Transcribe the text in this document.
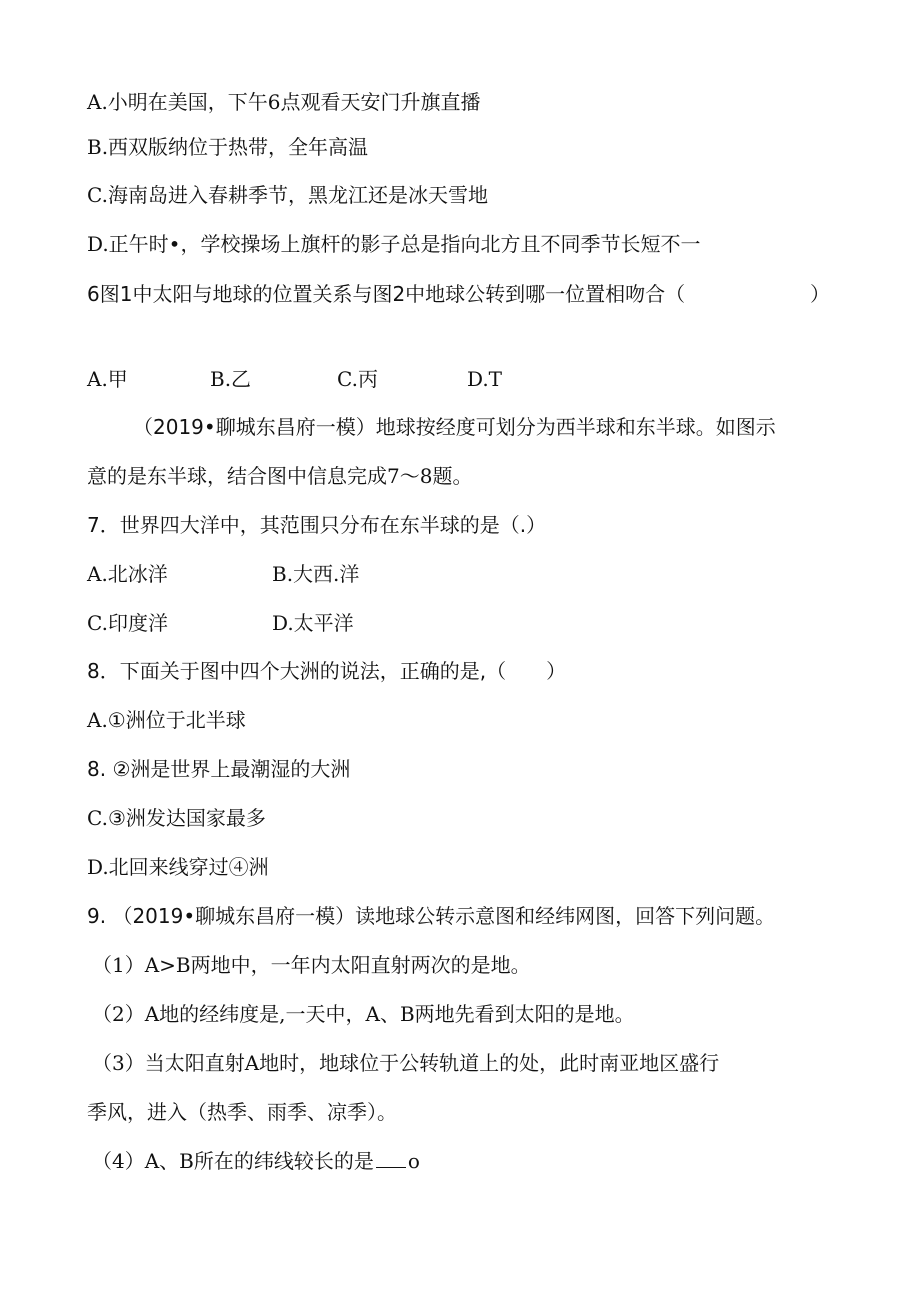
A.小明在美国，下午6点观看天安门升旗直播
B.西双版纳位于热带，全年高温
C.海南岛进入春耕季节，黑龙江还是冰天雪地
D.正午时•，学校操场上旗杆的影子总是指向北方且不同季节长短不一
6图1中太阳与地球的位置关系与图2中地球公转到哪一位置相吻合（	）
A.甲	B.乙	C.丙	D.T
（2019•聊城东昌府一模）地球按经度可划分为西半球和东半球。如图示
意的是东半球，结合图中信息完成7～8题。
7．世界四大洋中，其范围只分布在东半球的是（.）
A.北冰洋	B.大西.洋
C.印度洋	D.太平洋
8．下面关于图中四个大洲的说法，正确的是,（　　）
A.①洲位于北半球
8. ②洲是世界上最潮湿的大洲
C.③洲发达国家最多
D.北回来线穿过④洲
9. （2019•聊城东昌府一模）读地球公转示意图和经纬网图，回答下列问题。
（1）A>B两地中，一年内太阳直射两次的是地。
（2）A地的经纬度是,一天中，A、B两地先看到太阳的是地。
（3）当太阳直射A地时，地球位于公转轨道上的处，此时南亚地区盛行
季风，进入（热季、雨季、凉季）。
（4）A、B所在的纬线较长的是 o
